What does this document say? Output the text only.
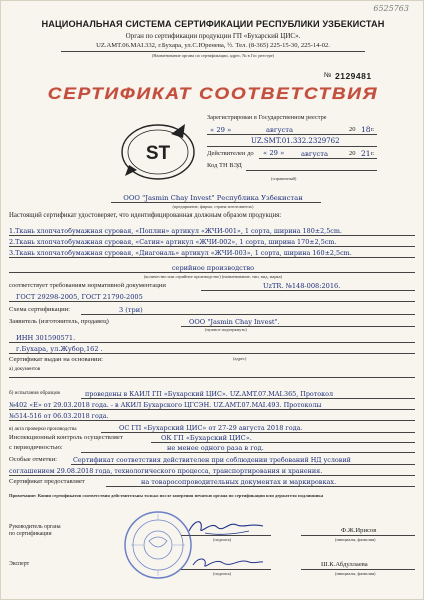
6525763
НАЦИОНАЛЬНАЯ СИСТЕМА СЕРТИФИКАЦИИ РЕСПУБЛИКИ УЗБЕКИСТАН
Орган по сертификации продукции ГП «Бухарский ЦИС».
UZ.AMT.06.MAI.332, г.Бухара, ул.С.Юренева, ½. Тел. (8-365) 225-15-30, 225-14-02.
(Наименование органа по сертификации, адрес, № в Гос реестре)
№ 2129481
СЕРТИФИКАТ СООТВЕТСТВИЯ
Зарегистрирован в Государственном реестре
« 29 »	августа	20 18 г.
UZ.SMT.01.332.2329762
Действителен до « 29 » августа	20 21 г.
Код ТН ВЭД
(справочный)
ST
ООО "Jasmin Chay Invest" Республика Узбекистан
(предприятие, фирма, страна изготовитель)
Настоящий сертификат удостоверяет, что идентифицированная должным образом продукция:
1.Ткань хлопчатобумажная суровая, «Поплин» артикул «ЖЧИ-001», 1 сорта, ширина 180±2,5cm.
2.Ткань хлопчатобумажная суровая, «Сатин» артикул «ЖЧИ-002», 1 сорта, ширина 170±2,5cm.
3.Ткань хлопчатобумажная суровая, «Диагональ» артикул «ЖЧИ-003», 1 сорта, ширина 160±2,5cm.
серийное производство
(количество или серийное производство) (наименование, тип, вид, марка)
соответствует требованиям нормативной документации	UzTR. №148-008:2016.
ГОСТ 29298-2005, ГОСТ 21790-2005
Схема сертификации:	3 (три)
Заявитель (изготовитель, продавец)	ООО "Jasmin Chay Invest".
(нужное подчеркнуть)
ИНН 301590571.
г.Бухара, ул.Жубор,162 .
Сертификат выдан на основании:	(адрес)
а) документов
б) испытания образцов	проведены в КАИЛ ГП «Бухарский ЦИС». UZ.AMT.07.MAI.365, Протокол
№402 «Е» от 29.03.2018 года. - в АКИЛ Бухарского ЦГСЭН. UZ.AMT.07.MAI.493. Протоколы
№514-516 от 06.03.2018 года.
в) акта проверки производства	ОС ГП «Бухарский ЦИС» от 27-29 августа 2018 года.
Инспекционный контроль осуществляет	ОК ГП «Бухарский ЦИС».
с периодичностью:	не менее одного раза в год.
Особые отметки:	Сертификат соответствия действителен при соблюдении требований НД условий
соглашением 29.08.2018 года, технологического процесса, транспортирования и хранения.
Сертификат предоставляет	на товаросопроводительных документах и маркировках.
Примечание: Копии сертификатов соответствия действительны только после заверения печатью органа по сертификации или держателя подлинника
Руководитель органа
по сертификации
(подпись)
Ф.Ж.Ирисов
(инициалы, фамилия)
Эксперт
(подпись)
Ш.К.Абдуллаева
(инициалы, фамилия)
